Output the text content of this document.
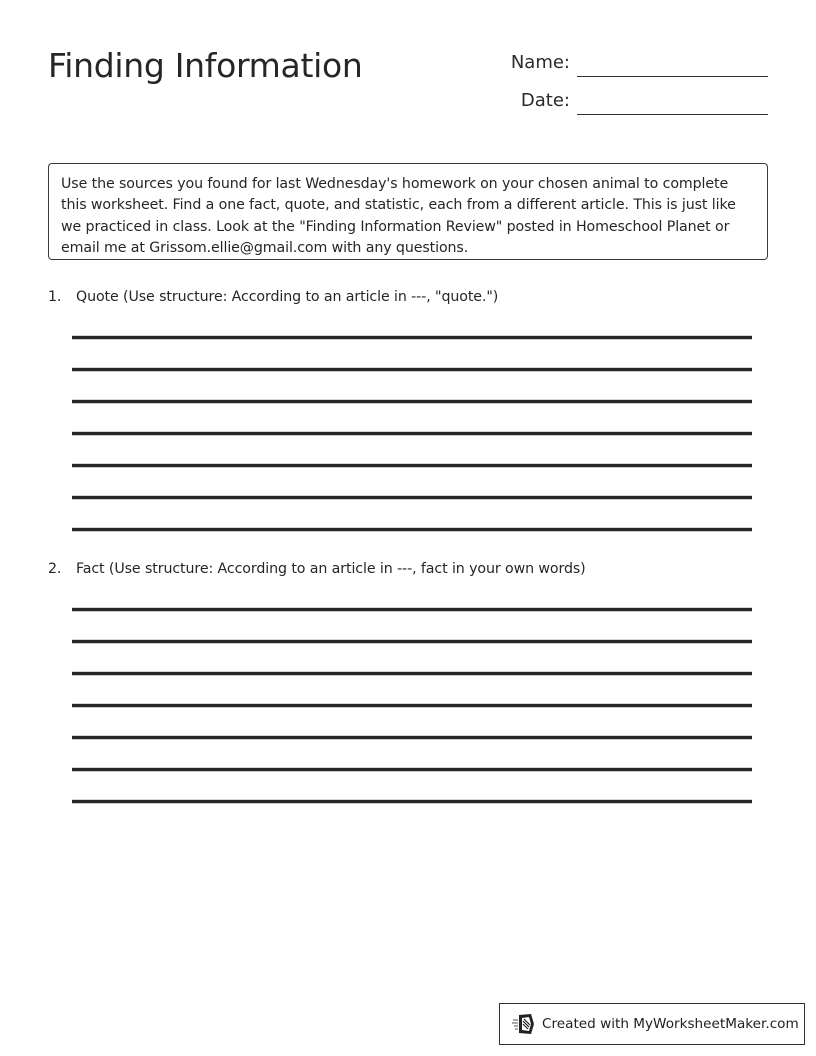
Finding Information	Name:
Date:
Use the sources you found for last Wednesday's homework on your chosen animal to complete this worksheet. Find a one fact, quote, and statistic, each from a different article. This is just like we practiced in class. Look at the "Finding Information Review" posted in Homeschool Planet or email me at Grissom.ellie@gmail.com with any questions.
1. Quote (Use structure: According to an article in ---, "quote.")
2. Fact (Use structure: According to an article in ---, fact in your own words)
Created with MyWorksheetMaker.com
